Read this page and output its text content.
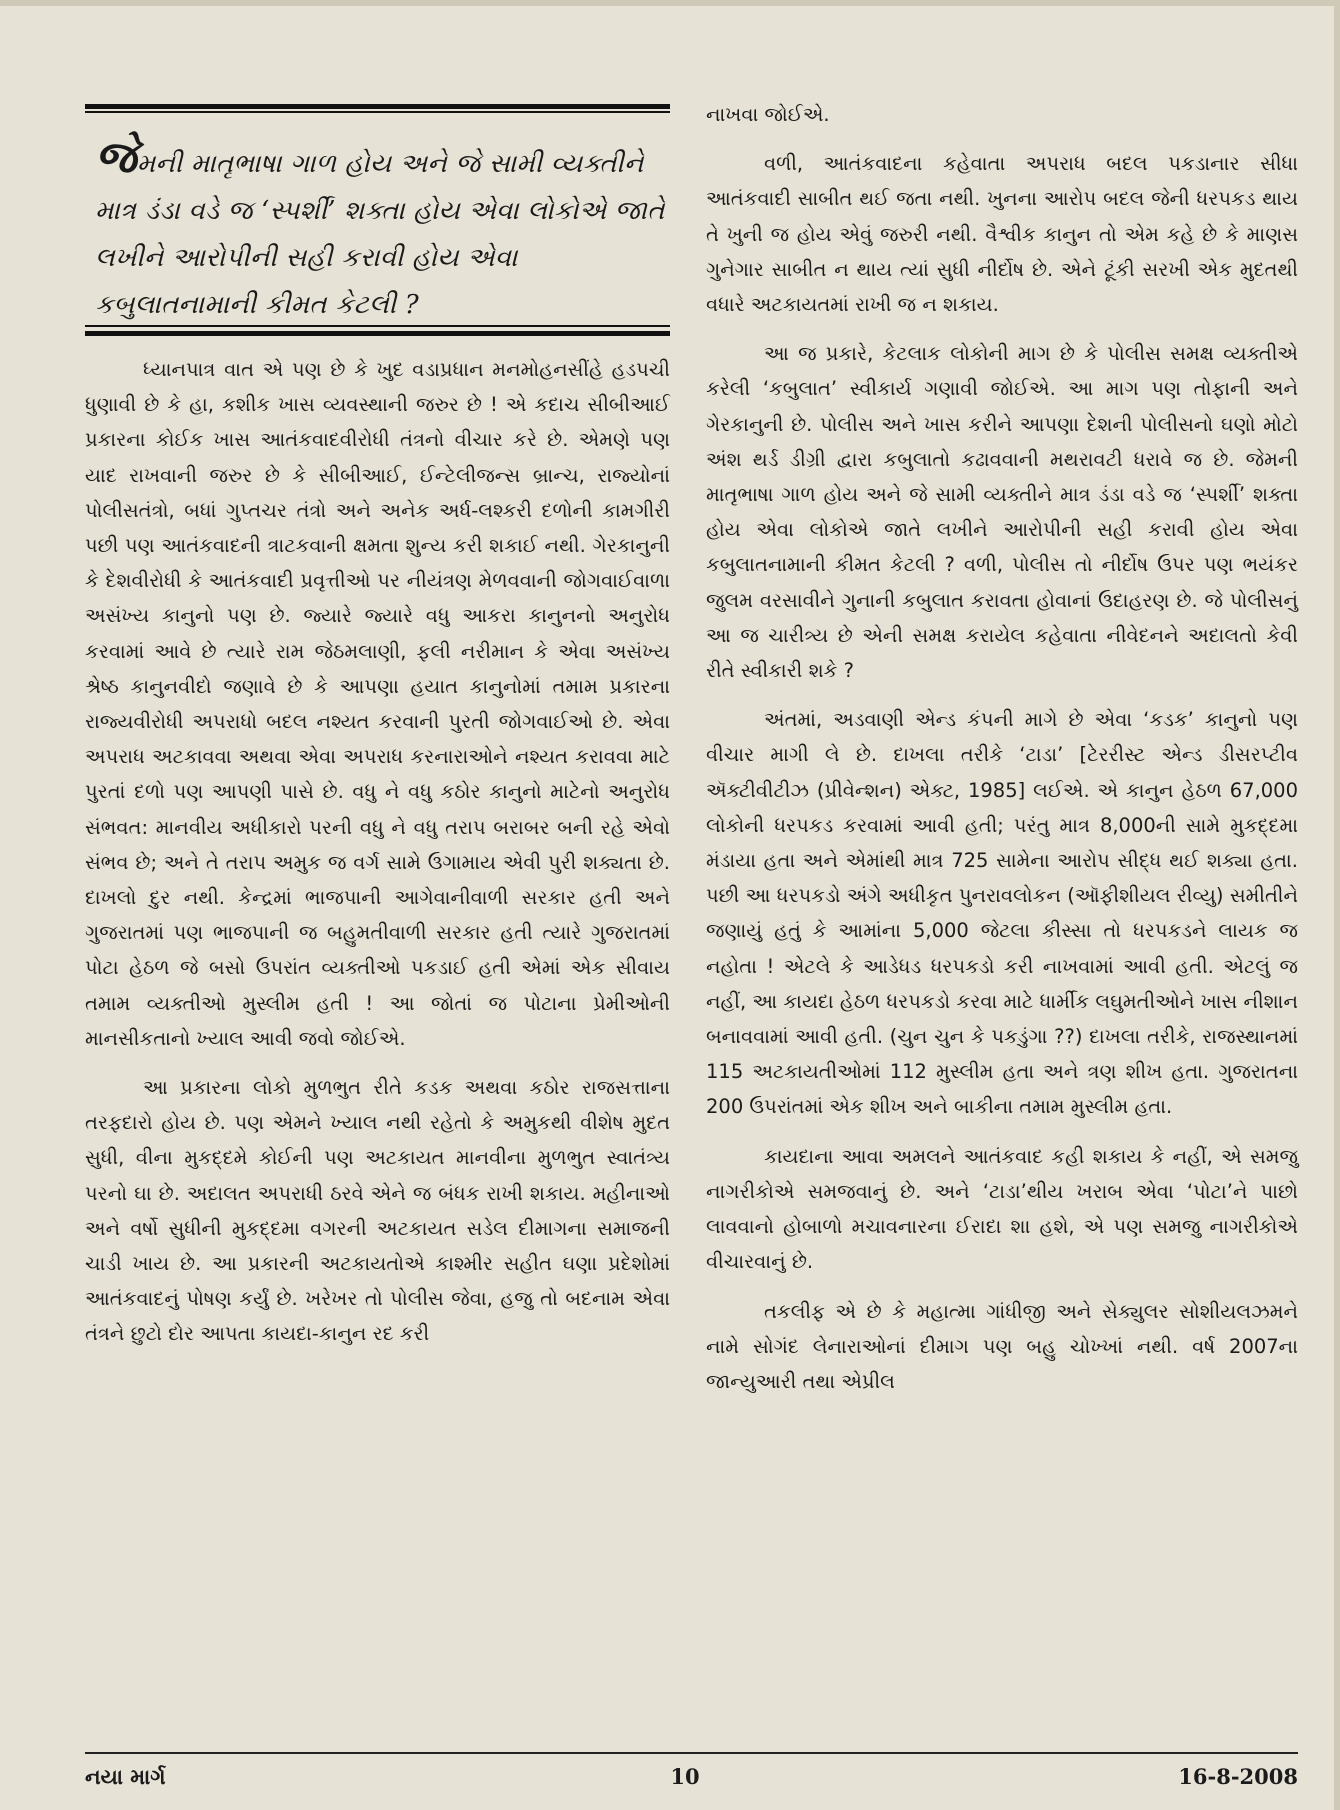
જેમની માતૃભાષા ગાળ હોય અને જે સામી વ્યક્તીને માત્ર ડંડા વડે જ ‘સ્પર્શી’ શક્તા હોય એવા લોકોએ જાતે લખીને આરોપીની સહી કરાવી હોય એવા કબુલાતનામાની કીમત કેટલી ?

ધ્યાનપાત્ર વાત એ પણ છે કે ખુદ વડાપ્રધાન મનમોહનસીંહે હડપચી ધુણાવી છે કે હા, કશીક ખાસ વ્યવસ્થાની જરુર છે ! એ કદાચ સીબીઆઈ પ્રકારના કોઈક ખાસ આતંકવાદવીરોધી તંત્રનો વીચાર કરે છે. એમણે પણ યાદ રાખવાની જરુર છે કે સીબીઆઈ, ઈન્ટેલીજન્સ બ્રાન્ચ, રાજ્યોનાં પોલીસતંત્રો, બધાં ગુપ્તચર તંત્રો અને અનેક અર્ધ-લશ્કરી દળોની કામગીરી પછી પણ આતંકવાદની ત્રાટકવાની ક્ષમતા શુન્ય કરી શકાઈ નથી. ગેરકાનુની કે દેશવીરોધી કે આતંકવાદી પ્રવૃત્તીઓ પર નીયંત્રણ મેળવવાની જોગવાઈવાળા અસંખ્ય કાનુનો પણ છે. જ્યારે જ્યારે વધુ આકરા કાનુનનો અનુરોધ કરવામાં આવે છે ત્યારે રામ જેઠમલાણી, ફલી નરીમાન કે એવા અસંખ્ય શ્રેષ્ઠ કાનુનવીદો જણાવે છે કે આપણા હયાત કાનુનોમાં તમામ પ્રકારના રાજ્યવીરોધી અપરાધો બદલ નશ્યત કરવાની પુરતી જોગવાઈઓ છે. એવા અપરાધ અટકાવવા અથવા એવા અપરાધ કરનારાઓને નશ્યત કરાવવા માટે પુરતાં દળો પણ આપણી પાસે છે. વધુ ને વધુ કઠોર કાનુનો માટેનો અનુરોધ સંભવત: માનવીય અધીકારો પરની વધુ ને વધુ તરાપ બરાબર બની રહે એવો સંભવ છે; અને તે તરાપ અમુક જ વર્ગ સામે ઉગામાય એવી પુરી શક્યતા છે. દાખલો દુર નથી. કેન્દ્રમાં ભાજપાની આગેવાનીવાળી સરકાર હતી અને ગુજરાતમાં પણ ભાજપાની જ બહુમતીવાળી સરકાર હતી ત્યારે ગુજરાતમાં પોટા હેઠળ જે બસો ઉપરાંત વ્યક્તીઓ પકડાઈ હતી એમાં એક સીવાય તમામ વ્યક્તીઓ મુસ્લીમ હતી ! આ જોતાં જ પોટાના પ્રેમીઓની માનસીકતાનો ખ્યાલ આવી જવો જોઈએ.

આ પ્રકારના લોકો મુળભુત રીતે કડક અથવા કઠોર રાજસત્તાના તરફદારો હોય છે. પણ એમને ખ્યાલ નથી રહેતો કે અમુકથી વીશેષ મુદત સુધી, વીના મુકદ્દમે કોઈની પણ અટકાયત માનવીના મુળભુત સ્વાતંત્ર્ય પરનો ઘા છે. અદાલત અપરાધી ઠરવે એને જ બંધક રાખી શકાય. મહીનાઓ અને વર્ષો સુધીની મુકદ્દમા વગરની અટકાયત સડેલ દીમાગના સમાજની ચાડી ખાય છે. આ પ્રકારની અટકાયતોએ કાશ્મીર સહીત ઘણા પ્રદેશોમાં આતંકવાદનું પોષણ કર્યું છે. ખરેખર તો પોલીસ જેવા, હજુ તો બદનામ એવા તંત્રને છુટો દોર આપતા કાયદા-કાનુન રદ કરી

નાખવા જોઈએ.

વળી, આતંકવાદના કહેવાતા અપરાધ બદલ પકડાનાર સીધા આતંકવાદી સાબીત થઈ જતા નથી. ખુનના આરોપ બદલ જેની ધરપકડ થાય તે ખુની જ હોય એવું જરુરી નથી. વૈશ્વીક કાનુન તો એમ કહે છે કે માણસ ગુનેગાર સાબીત ન થાય ત્યાં સુધી નીર્દોષ છે. એને ટૂંકી સરખી એક મુદતથી વધારે અટકાયતમાં રાખી જ ન શકાય.

આ જ પ્રકારે, કેટલાક લોકોની માગ છે કે પોલીસ સમક્ષ વ્યક્તીએ કરેલી ‘કબુલાત’ સ્વીકાર્ય ગણાવી જોઈએ. આ માગ પણ તોફાની અને ગેરકાનુની છે. પોલીસ અને ખાસ કરીને આપણા દેશની પોલીસનો ઘણો મોટો અંશ થર્ડ ડીગ્રી દ્વારા કબુલાતો કઢાવવાની મથરાવટી ધરાવે જ છે. જેમની માતૃભાષા ગાળ હોય અને જે સામી વ્યક્તીને માત્ર ડંડા વડે જ ‘સ્પર્શી’ શક્તા હોય એવા લોકોએ જાતે લખીને આરોપીની સહી કરાવી હોય એવા કબુલાતનામાની કીમત કેટલી ? વળી, પોલીસ તો નીર્દોષ ઉપર પણ ભયંકર જુલમ વરસાવીને ગુનાની કબુલાત કરાવતા હોવાનાં ઉદાહરણ છે. જે પોલીસનું આ જ ચારીત્ર્ય છે એની સમક્ષ કરાયેલ કહેવાતા નીવેદનને અદાલતો કેવી રીતે સ્વીકારી શકે ?

અંતમાં, અડવાણી એન્ડ કંપની માગે છે એવા ‘કડક’ કાનુનો પણ વીચાર માગી લે છે. દાખલા તરીકે ‘ટાડા’ [ટેરરીસ્ટ એન્ડ ડીસરપ્ટીવ ઍક્ટીવીટીઝ (પ્રીવેન્શન) એક્ટ, 1985] લઈએ. એ કાનુન હેઠળ 67,000 લોકોની ધરપકડ કરવામાં આવી હતી; પરંતુ માત્ર 8,000ની સામે મુકદ્દમા મંડાયા હતા અને એમાંથી માત્ર 725 સામેના આરોપ સીદ્ધ થઈ શક્યા હતા. પછી આ ધરપકડો અંગે અધીકૃત પુનરાવલોકન (ઑફીશીયલ રીવ્યુ) સમીતીને જણાયું હતું કે આમાંના 5,000 જેટલા કીસ્સા તો ધરપકડને લાયક જ નહોતા ! એટલે કે આડેધડ ધરપકડો કરી નાખવામાં આવી હતી. એટલું જ નહીં, આ કાયદા હેઠળ ધરપકડો કરવા માટે ધાર્મીક લઘુમતીઓને ખાસ નીશાન બનાવવામાં આવી હતી. (ચુન ચુન કે પકડુંગા ??) દાખલા તરીકે, રાજસ્થાનમાં 115 અટકાયતીઓમાં 112 મુસ્લીમ હતા અને ત્રણ શીખ હતા. ગુજરાતના 200 ઉપરાંતમાં એક શીખ અને બાકીના તમામ મુસ્લીમ હતા.

કાયદાના આવા અમલને આતંકવાદ કહી શકાય કે નહીં, એ સમજુ નાગરીકોએ સમજવાનું છે. અને ‘ટાડા’થીય ખરાબ એવા ‘પોટા’ને પાછો લાવવાનો હોબાળો મચાવનારના ઈરાદા શા હશે, એ પણ સમજુ નાગરીકોએ વીચારવાનું છે.

તકલીફ એ છે કે મહાત્મા ગાંધીજી અને સેક્યુલર સોશીયલઝમને નામે સોગંદ લેનારાઓનાં દીમાગ પણ બહુ ચોખ્ખાં નથી. વર્ષ 2007ના જાન્યુઆરી તથા એપ્રીલ

નયા માર્ગ	10	16-8-2008
